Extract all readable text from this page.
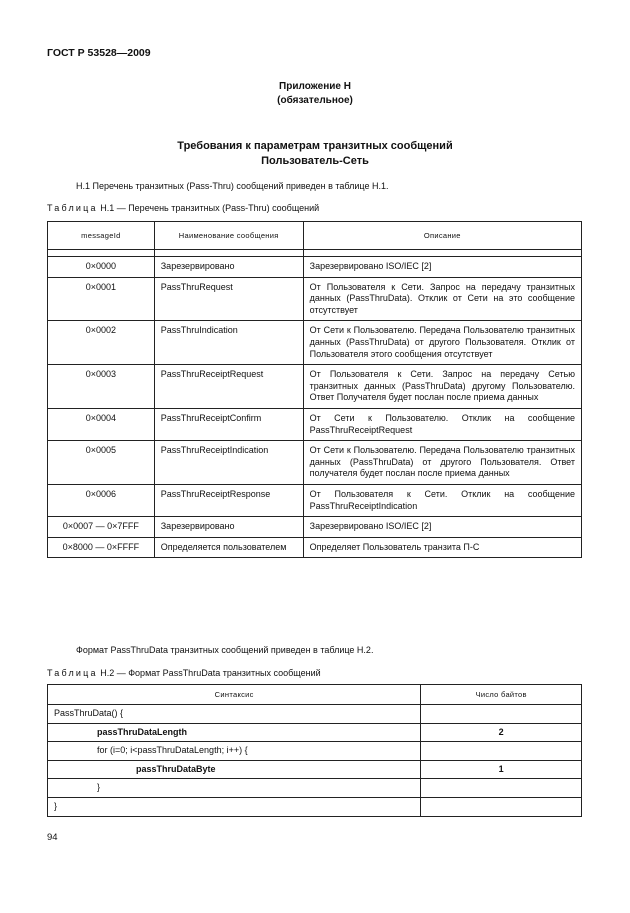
ГОСТ Р 53528—2009
Приложение Н
(обязательное)
Требования к параметрам транзитных сообщений
Пользователь-Сеть
Н.1 Перечень транзитных (Pass-Thru) сообщений приведен в таблице Н.1.
Таблица Н.1 — Перечень транзитных (Pass-Thru) сообщений
messageId	Наименование сообщения	Описание

0×0000	Зарезервировано	Зарезервировано ISO/IEC [2]
0×0001	PassThruRequest	От Пользователя к Сети. Запрос на передачу транзитных данных (PassThruData). Отклик от Сети на это сообщение отсутствует
0×0002	PassThruIndication	От Сети к Пользователю. Передача Пользователю транзитных данных (PassThruData) от другого Пользователя. Отклик от Пользователя этого сообщения отсутствует
0×0003	PassThruReceiptRequest	От Пользователя к Сети. Запрос на передачу Сетью транзитных данных (PassThruData) другому Пользователю. Ответ Получателя будет послан после приема данных
0×0004	PassThruReceiptConfirm	От Сети к Пользователю. Отклик на сообщение PassThruReceiptRequest
0×0005	PassThruReceiptIndication	От Сети к Пользователю. Передача Пользователю транзитных данных (PassThruData) от другого Пользователя. Ответ получателя будет послан после приема данных
0×0006	PassThruReceiptResponse	От Пользователя к Сети. Отклик на сообщение PassThruReceiptIndication
0×0007 — 0×7FFF	Зарезервировано	Зарезервировано ISO/IEC [2]
0×8000 — 0×FFFF	Определяется пользователем	Определяет Пользователь транзита П-С
Формат PassThruData транзитных сообщений приведен в таблице Н.2.
Таблица Н.2 — Формат PassThruData транзитных сообщений
Синтаксис	Число байтов
PassThruData() {	
passThruDataLength	2
for (i=0; i<passThruDataLength; i++) {	
passThruDataByte	1
}	
}	
94
